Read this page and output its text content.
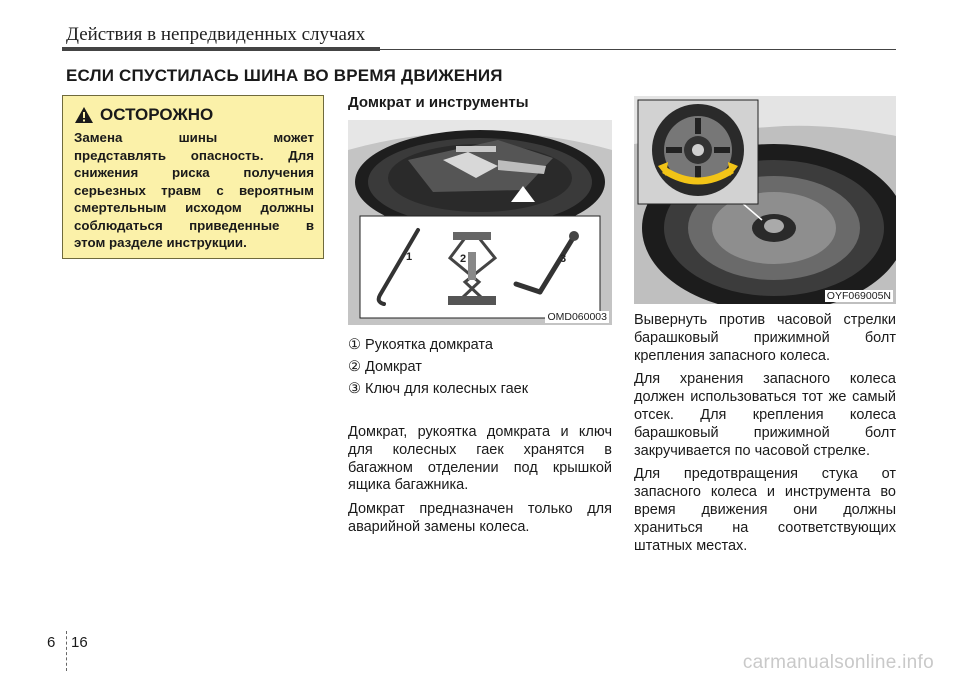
Действия в непредвиденных случаях
ЕСЛИ СПУСТИЛАСЬ ШИНА ВО ВРЕМЯ ДВИЖЕНИЯ
ОСТОРОЖНО
Замена шины может
представлять опасность. Для
снижения риска получения
серьезных травм с вероятным
смертельным исходом должны
соблюдаться приведенные в
этом разделе инструкции.
Домкрат и инструменты
1	2	3
OMD060003
① Рукоятка домкрата
② Домкрат
③ Ключ для колесных гаек

Домкрат, рукоятка домкрата и ключ для колесных гаек хранятся в багажном отделении под крышкой ящика багажника.

Домкрат предназначен только для аварийной замены колеса.

OYF069005N

Вывернуть против часовой стрелки барашковый прижимной болт крепления запасного колеса.

Для хранения запасного колеса должен использоваться тот же самый отсек. Для крепления колеса барашковый прижимной болт закручивается по часовой стрелке.

Для предотвращения стука от запасного колеса и инструмента во время движения они должны храниться на соответствующих штатных местах.

6 16
carmanualsonline.info
